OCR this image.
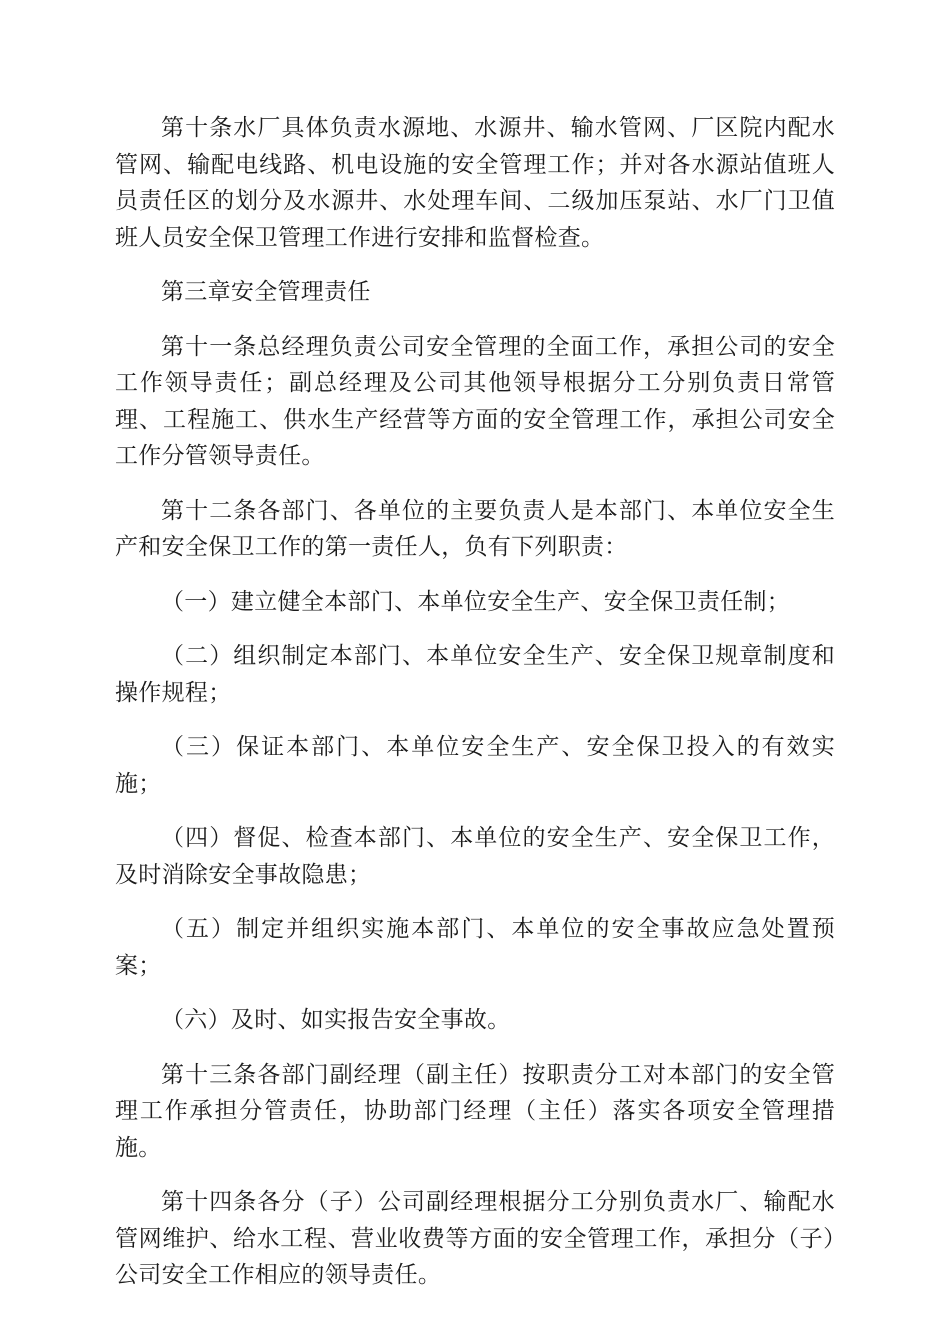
第十条水厂具体负责水源地、水源井、输水管网、厂区院内配水管网、输配电线路、机电设施的安全管理工作；并对各水源站值班人员责任区的划分及水源井、水处理车间、二级加压泵站、水厂门卫值班人员安全保卫管理工作进行安排和监督检查。

第三章安全管理责任

第十一条总经理负责公司安全管理的全面工作，承担公司的安全工作领导责任；副总经理及公司其他领导根据分工分别负责日常管理、工程施工、供水生产经营等方面的安全管理工作，承担公司安全工作分管领导责任。

第十二条各部门、各单位的主要负责人是本部门、本单位安全生产和安全保卫工作的第一责任人，负有下列职责：

（一）建立健全本部门、本单位安全生产、安全保卫责任制；

（二）组织制定本部门、本单位安全生产、安全保卫规章制度和操作规程；

（三）保证本部门、本单位安全生产、安全保卫投入的有效实施；

（四）督促、检查本部门、本单位的安全生产、安全保卫工作，及时消除安全事故隐患；

（五）制定并组织实施本部门、本单位的安全事故应急处置预案；

（六）及时、如实报告安全事故。

第十三条各部门副经理（副主任）按职责分工对本部门的安全管理工作承担分管责任，协助部门经理（主任）落实各项安全管理措施。

第十四条各分（子）公司副经理根据分工分别负责水厂、输配水管网维护、给水工程、营业收费等方面的安全管理工作，承担分（子）公司安全工作相应的领导责任。
